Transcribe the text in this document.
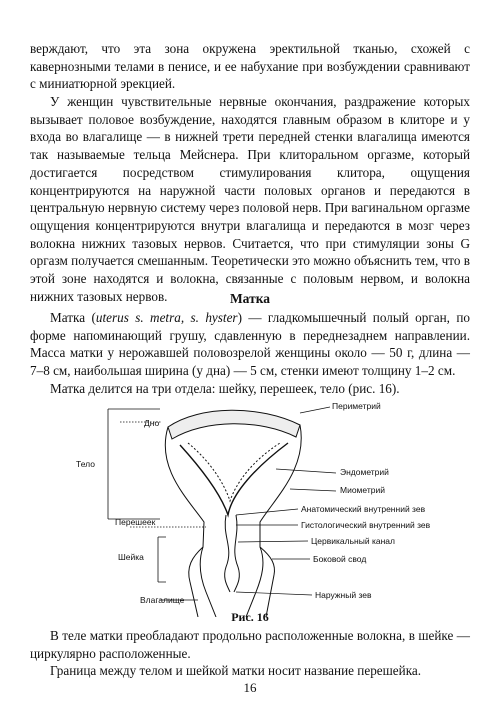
верждают, что эта зона окружена эректильной тканью, схожей с кавернозными телами в пенисе, и ее набухание при возбуждении сравнивают с миниатюрной эрекцией.

У женщин чувствительные нервные окончания, раздражение которых вызывает половое возбуждение, находятся главным образом в клиторе и у входа во влагалище — в нижней трети передней стенки влагалища имеются так называемые тельца Мейснера. При клиторальном оргазме, который достигается посредством стимулирования клитора, ощущения концентрируются на наружной части половых органов и передаются в центральную нервную систему через половой нерв. При вагинальном оргазме ощущения концентрируются внутри влагалища и передаются в мозг через волокна нижних тазовых нервов. Считается, что при стимуляции зоны G оргазм получается смешанным. Теоретически это можно объяснить тем, что в этой зоне находятся и волокна, связанные с половым нервом, и волокна нижних тазовых нервов.	Матка

Матка (uterus s. metra, s. hyster) — гладкомышечный полый орган, по форме напоминающий грушу, сдавленную в переднезаднем направлении. Масса матки у нерожавшей половозрелой женщины около — 50 г, длина — 7–8 см, наибольшая ширина (у дна) — 5 см, стенки имеют толщину 1–2 см.

Матка делится на три отдела: шейку, перешеек, тело (рис. 16).

Дно
Тело
Перешеек
Шейка
Влагалище
Периметрий
Эндометрий
Миометрий
Анатомический внутренний зев
Гистологический внутренний зев
Цервикальный канал
Боковой свод
Наружный зев
Рис. 16

В теле матки преобладают продольно расположенные волокна, в шейке — циркулярно расположенные.

Граница между телом и шейкой матки носит название перешейка.

16
